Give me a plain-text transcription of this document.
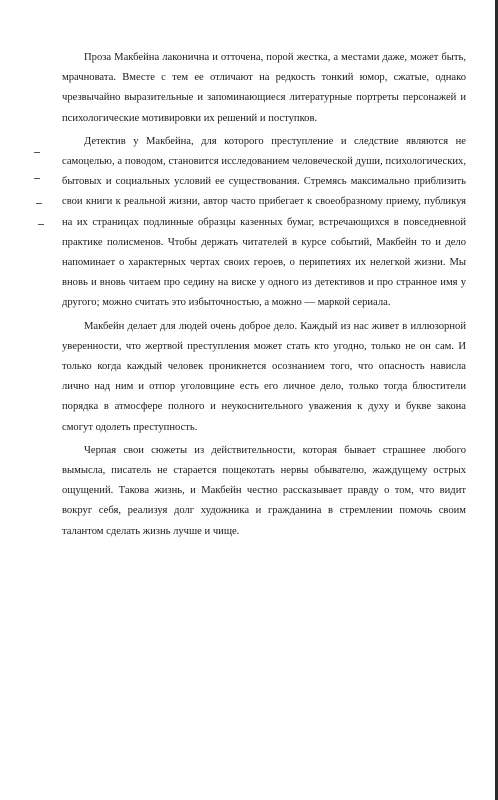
Проза Макбейна лаконична и отточена, порой жестка, а местами даже, может быть, мрачновата. Вместе с тем ее отличают на редкость тонкий юмор, сжатые, однако чрезвычайно выразительные и запоминающиеся литературные портреты персонажей и психологические мотивировки их решений и поступков.

Детектив у Макбейна, для которого преступление и следствие являются не самоцелью, а поводом, становится исследованием человеческой души, психологических, бытовых и социальных условий ее существования. Стремясь максимально приблизить свои книги к реальной жизни, автор часто прибегает к своеобразному приему, публикуя на их страницах подлинные образцы казенных бумаг, встречающихся в повседневной практике полисменов. Чтобы держать читателей в курсе событий, Макбейн то и дело напоминает о характерных чертах своих героев, о перипетиях их нелегкой жизни. Мы вновь и вновь читаем про седину на виске у одного из детективов и про странное имя у другого; можно считать это избыточностью, а можно — маркой сериала.

Макбейн делает для людей очень доброе дело. Каждый из нас живет в иллюзорной уверенности, что жертвой преступления может стать кто угодно, только не он сам. И только когда каждый человек проникнется осознанием того, что опасность нависла лично над ним и отпор уголовщине есть его личное дело, только тогда блюстители порядка в атмосфере полного и неукоснительного уважения к духу и букве закона смогут одолеть преступность.

Черпая свои сюжеты из действительности, которая бывает страшнее любого вымысла, писатель не старается пощекотать нервы обывателю, жаждущему острых ощущений. Такова жизнь, и Макбейн честно рассказывает правду о том, что видит вокруг себя, реализуя долг художника и гражданина в стремлении помочь своим талантом сделать жизнь лучше и чище.
